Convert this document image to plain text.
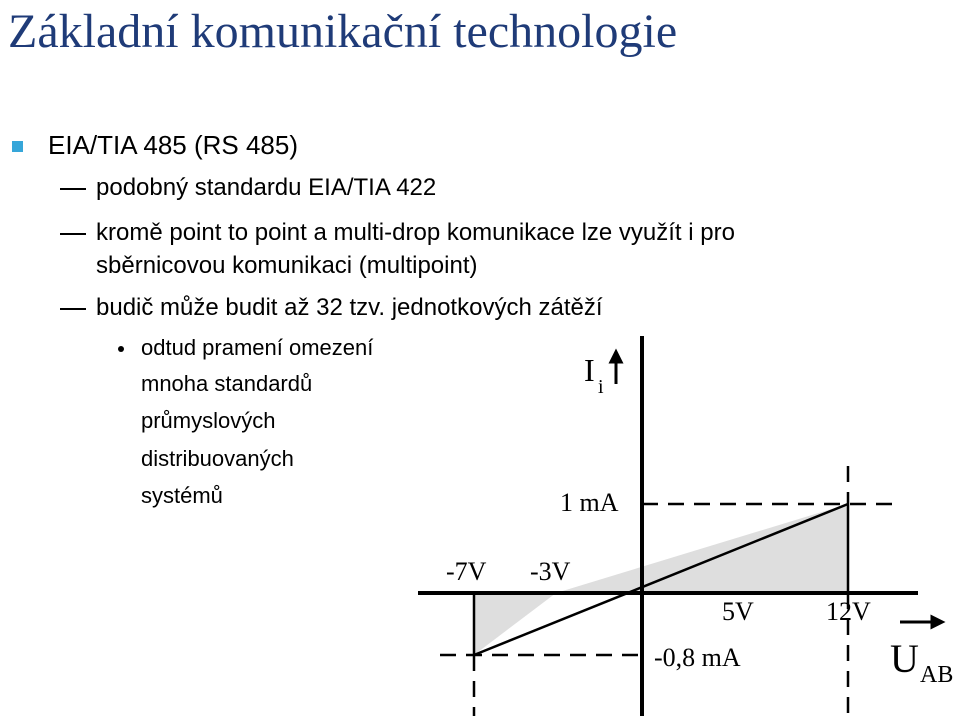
Základní komunikační technologie
EIA/TIA 485 (RS 485)
podobný standardu EIA/TIA 422
kromě point to point a multi-drop komunikace lze využít i pro
sběrnicovou komunikaci (multipoint)
budič může budit až 32 tzv. jednotkových zátěží
odtud pramení omezení
mnoha standardů
průmyslových
distribuovaných
systémů
I i
U AB
1 mA
-0,8 mA
-7V -3V
5V	12V
